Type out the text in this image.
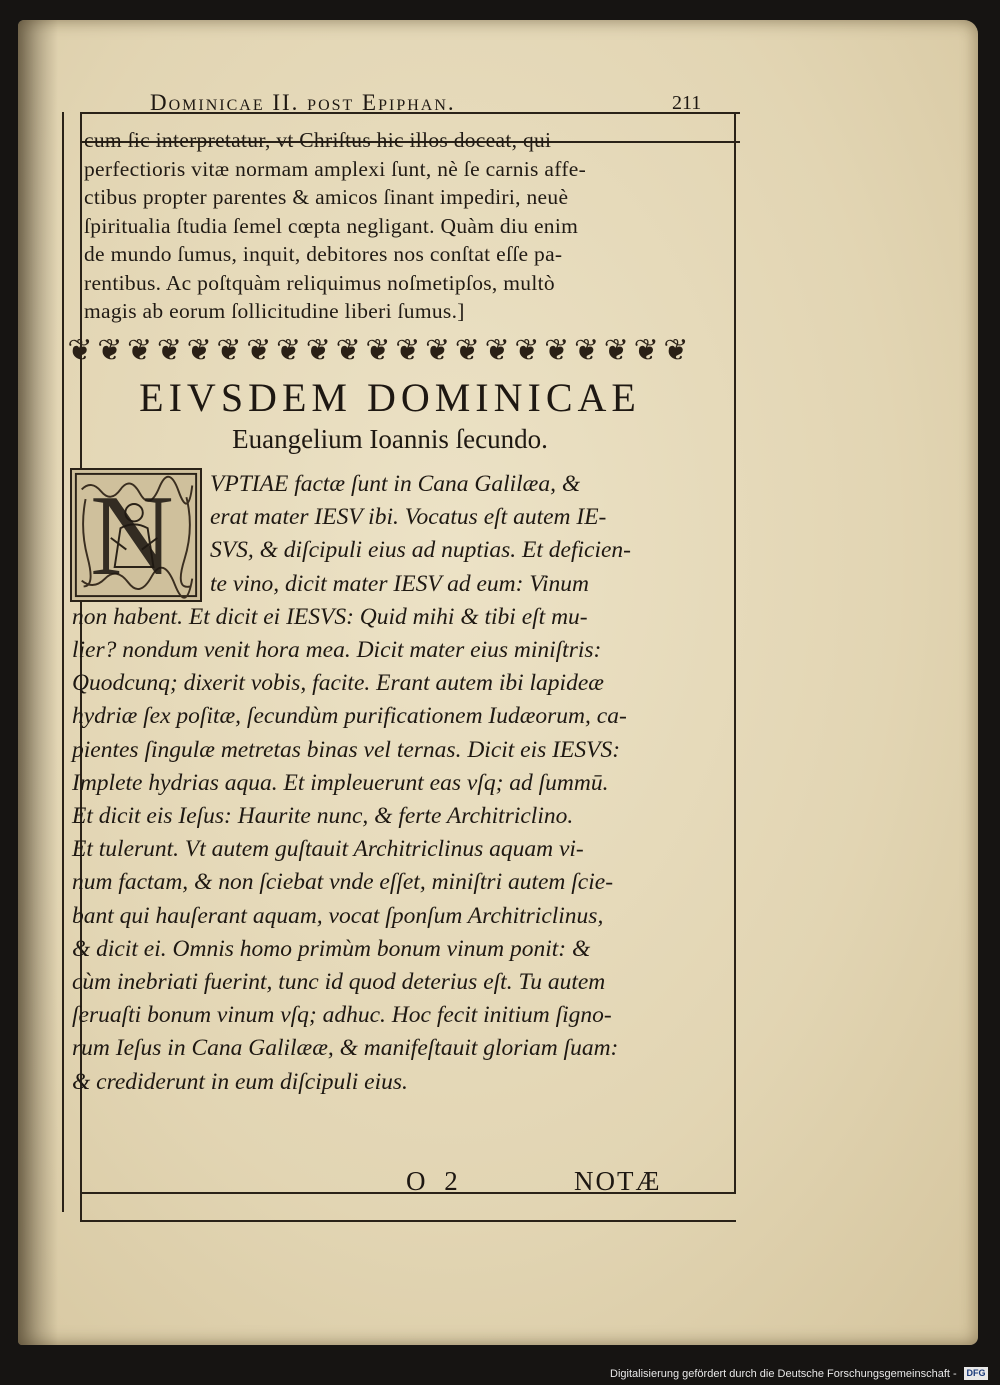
Dominicae II. post Epiphan.	211

cum ſic interpretatur, vt Chriſtus hic illos doceat, qui
perfectioris vitæ normam amplexi ſunt, nè ſe carnis affe-
ctibus propter parentes & amicos ſinant impediri, neuè
ſpiritualia ſtudia ſemel cœpta negligant. Quàm diu enim
de mundo ſumus, inquit, debitores nos conſtat eſſe pa-
rentibus. Ac poſtquàm reliquimus noſmetipſos, multò
magis ab eorum ſollicitudine liberi ſumus.]

❦ ❦ ❦ ❦ ❦ ❦ ❦ ❦ ❦ ❦ ❦ ❦ ❦ ❦ ❦ ❦ ❦ ❦ ❦ ❦ ❦
EIVSDEM DOMINICAE
Euangelium Ioannis ſecundo.
N	VPTIAE factæ ſunt in Cana Galilæa, &
erat mater IESV ibi. Vocatus eſt autem IE-
SVS, & diſcipuli eius ad nuptias. Et deficien-
te vino, dicit mater IESV ad eum: Vinum
non habent. Et dicit ei IESVS: Quid mihi & tibi eſt mu-
lier? nondum venit hora mea. Dicit mater eius miniſtris:
Quodcunq; dixerit vobis, facite. Erant autem ibi lapideæ
hydriæ ſex poſitæ, ſecundùm purificationem Iudæorum, ca-
pientes ſingulæ metretas binas vel ternas. Dicit eis IESVS:
Implete hydrias aqua. Et impleuerunt eas vſq; ad ſummū.
Et dicit eis Ieſus: Haurite nunc, & ferte Architriclino.
Et tulerunt. Vt autem guſtauit Architriclinus aquam vi-
num factam, & non ſciebat vnde eſſet, miniſtri autem ſcie-
bant qui hauſerant aquam, vocat ſponſum Architriclinus,
& dicit ei. Omnis homo primùm bonum vinum ponit: &
cùm inebriati fuerint, tunc id quod deterius eſt. Tu autem
ſeruaſti bonum vinum vſq; adhuc. Hoc fecit initium ſigno-
rum Ieſus in Cana Galilææ, & manifeſtauit gloriam ſuam:
& crediderunt in eum diſcipuli eius.

O 2	NOTÆ
Digitalisierung gefördert durch die Deutsche Forschungsgemeinschaft - DFG
